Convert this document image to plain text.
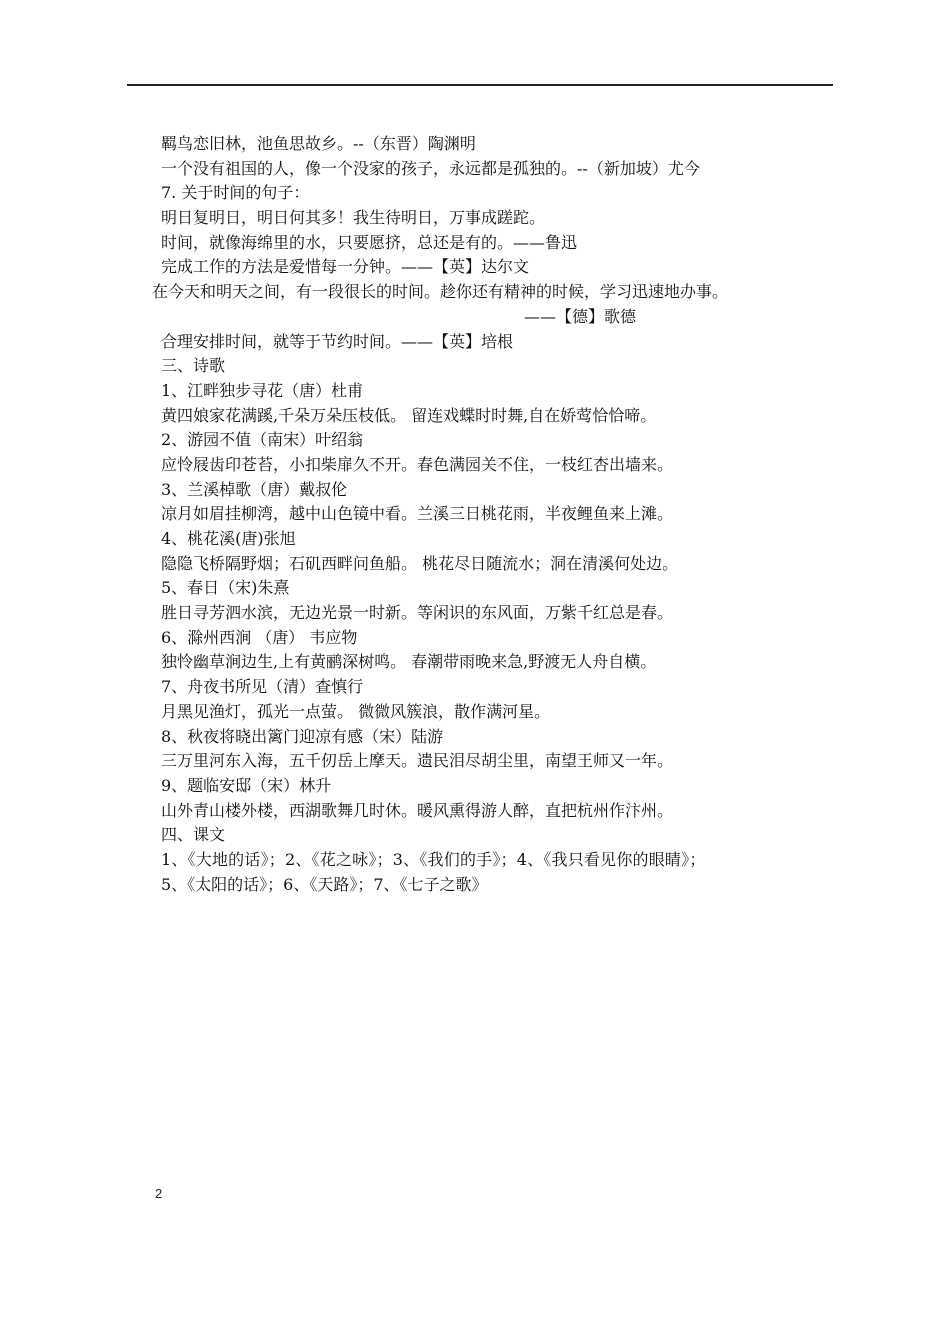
羁鸟恋旧林，池鱼思故乡。--（东晋）陶渊明
一个没有祖国的人，像一个没家的孩子，永远都是孤独的。--（新加坡）尤今
7. 关于时间的句子：
明日复明日，明日何其多！我生待明日，万事成蹉跎。
时间，就像海绵里的水，只要愿挤，总还是有的。——鲁迅
完成工作的方法是爱惜每一分钟。——【英】达尔文
在今天和明天之间，有一段很长的时间。趁你还有精神的时候，学习迅速地办事。
——【德】歌德
合理安排时间，就等于节约时间。——【英】培根
三、诗歌
1、江畔独步寻花（唐）杜甫
黄四娘家花满蹊,千朵万朵压枝低。 留连戏蝶时时舞,自在娇莺恰恰啼。
2、游园不值（南宋）叶绍翁
应怜屐齿印苍苔，小扣柴扉久不开。春色满园关不住，一枝红杏出墙来。
3、兰溪棹歌（唐）戴叔伦
凉月如眉挂柳湾，越中山色镜中看。兰溪三日桃花雨，半夜鲤鱼来上滩。
4、桃花溪(唐)张旭
隐隐飞桥隔野烟；石矶西畔问鱼船。 桃花尽日随流水；洞在清溪何处边。
5、春日（宋)朱熹
胜日寻芳泗水滨，无边光景一时新。等闲识的东风面，万紫千红总是春。
6、滁州西涧 （唐） 韦应物
独怜幽草涧边生,上有黄鹂深树鸣。 春潮带雨晚来急,野渡无人舟自横。
7、舟夜书所见（清）查慎行
月黑见渔灯，孤光一点萤。 微微风簇浪，散作满河星。
8、秋夜将晓出篱门迎凉有感（宋）陆游
三万里河东入海，五千仞岳上摩天。遗民泪尽胡尘里，南望王师又一年。
9、题临安邸（宋）林升
山外青山楼外楼，西湖歌舞几时休。暖风熏得游人醉，直把杭州作汴州。
四、课文
1、《大地的话》；2、《花之咏》；3、《我们的手》；4、《我只看见你的眼睛》；
5、《太阳的话》；6、《天路》；7、《七子之歌》
2
